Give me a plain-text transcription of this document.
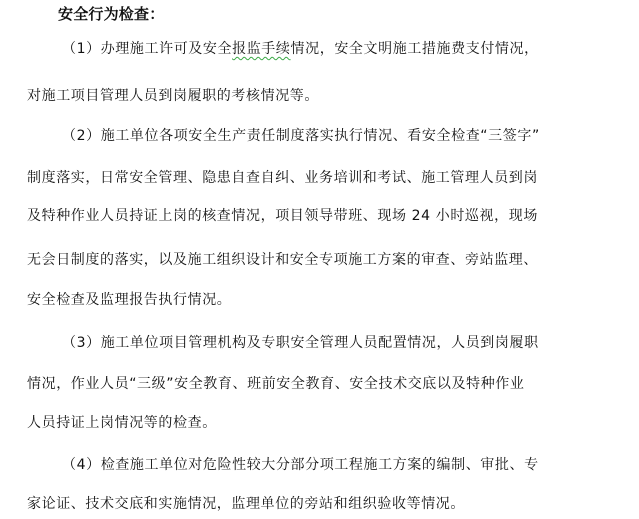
安全行为检查：
（1）办理施工许可及安全报监手续情况，安全文明施工措施费支付情况，
对施工项目管理人员到岗履职的考核情况等。
（2）施工单位各项安全生产责任制度落实执行情况、看安全检查“三签字”
制度落实，日常安全管理、隐患自查自纠、业务培训和考试、施工管理人员到岗
及特种作业人员持证上岗的核查情况，项目领导带班、现场 24 小时巡视，现场
无会日制度的落实，以及施工组织设计和安全专项施工方案的审查、旁站监理、
安全检查及监理报告执行情况。
（3）施工单位项目管理机构及专职安全管理人员配置情况，人员到岗履职
情况，作业人员“三级”安全教育、班前安全教育、安全技术交底以及特种作业
人员持证上岗情况等的检查。
（4）检查施工单位对危险性较大分部分项工程施工方案的编制、审批、专
家论证、技术交底和实施情况，监理单位的旁站和组织验收等情况。
